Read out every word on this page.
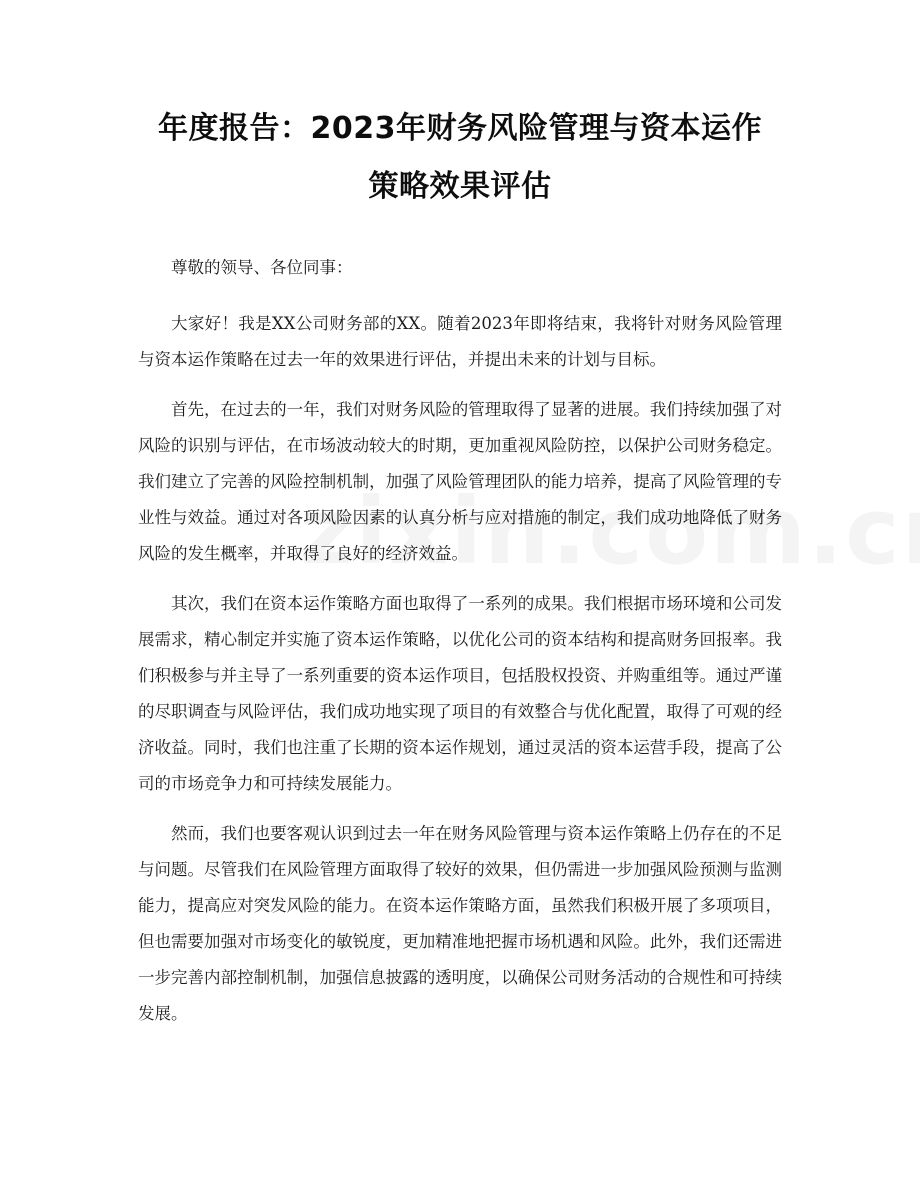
年度报告：2023年财务风险管理与资本运作
策略效果评估

尊敬的领导、各位同事：

大家好！我是XX公司财务部的XX。随着2023年即将结束，我将针对财务风险管理与资本运作策略在过去一年的效果进行评估，并提出未来的计划与目标。

首先，在过去的一年，我们对财务风险的管理取得了显著的进展。我们持续加强了对风险的识别与评估，在市场波动较大的时期，更加重视风险防控，以保护公司财务稳定。我们建立了完善的风险控制机制，加强了风险管理团队的能力培养，提高了风险管理的专业性与效益。通过对各项风险因素的认真分析与应对措施的制定，我们成功地降低了财务风险的发生概率，并取得了良好的经济效益。

其次，我们在资本运作策略方面也取得了一系列的成果。我们根据市场环境和公司发展需求，精心制定并实施了资本运作策略，以优化公司的资本结构和提高财务回报率。我们积极参与并主导了一系列重要的资本运作项目，包括股权投资、并购重组等。通过严谨的尽职调查与风险评估，我们成功地实现了项目的有效整合与优化配置，取得了可观的经济收益。同时，我们也注重了长期的资本运作规划，通过灵活的资本运营手段，提高了公司的市场竞争力和可持续发展能力。

然而，我们也要客观认识到过去一年在财务风险管理与资本运作策略上仍存在的不足与问题。尽管我们在风险管理方面取得了较好的效果，但仍需进一步加强风险预测与监测能力，提高应对突发风险的能力。在资本运作策略方面，虽然我们积极开展了多项项目，但也需要加强对市场变化的敏锐度，更加精准地把握市场机遇和风险。此外，我们还需进一步完善内部控制机制，加强信息披露的透明度，以确保公司财务活动的合规性和可持续发展。
